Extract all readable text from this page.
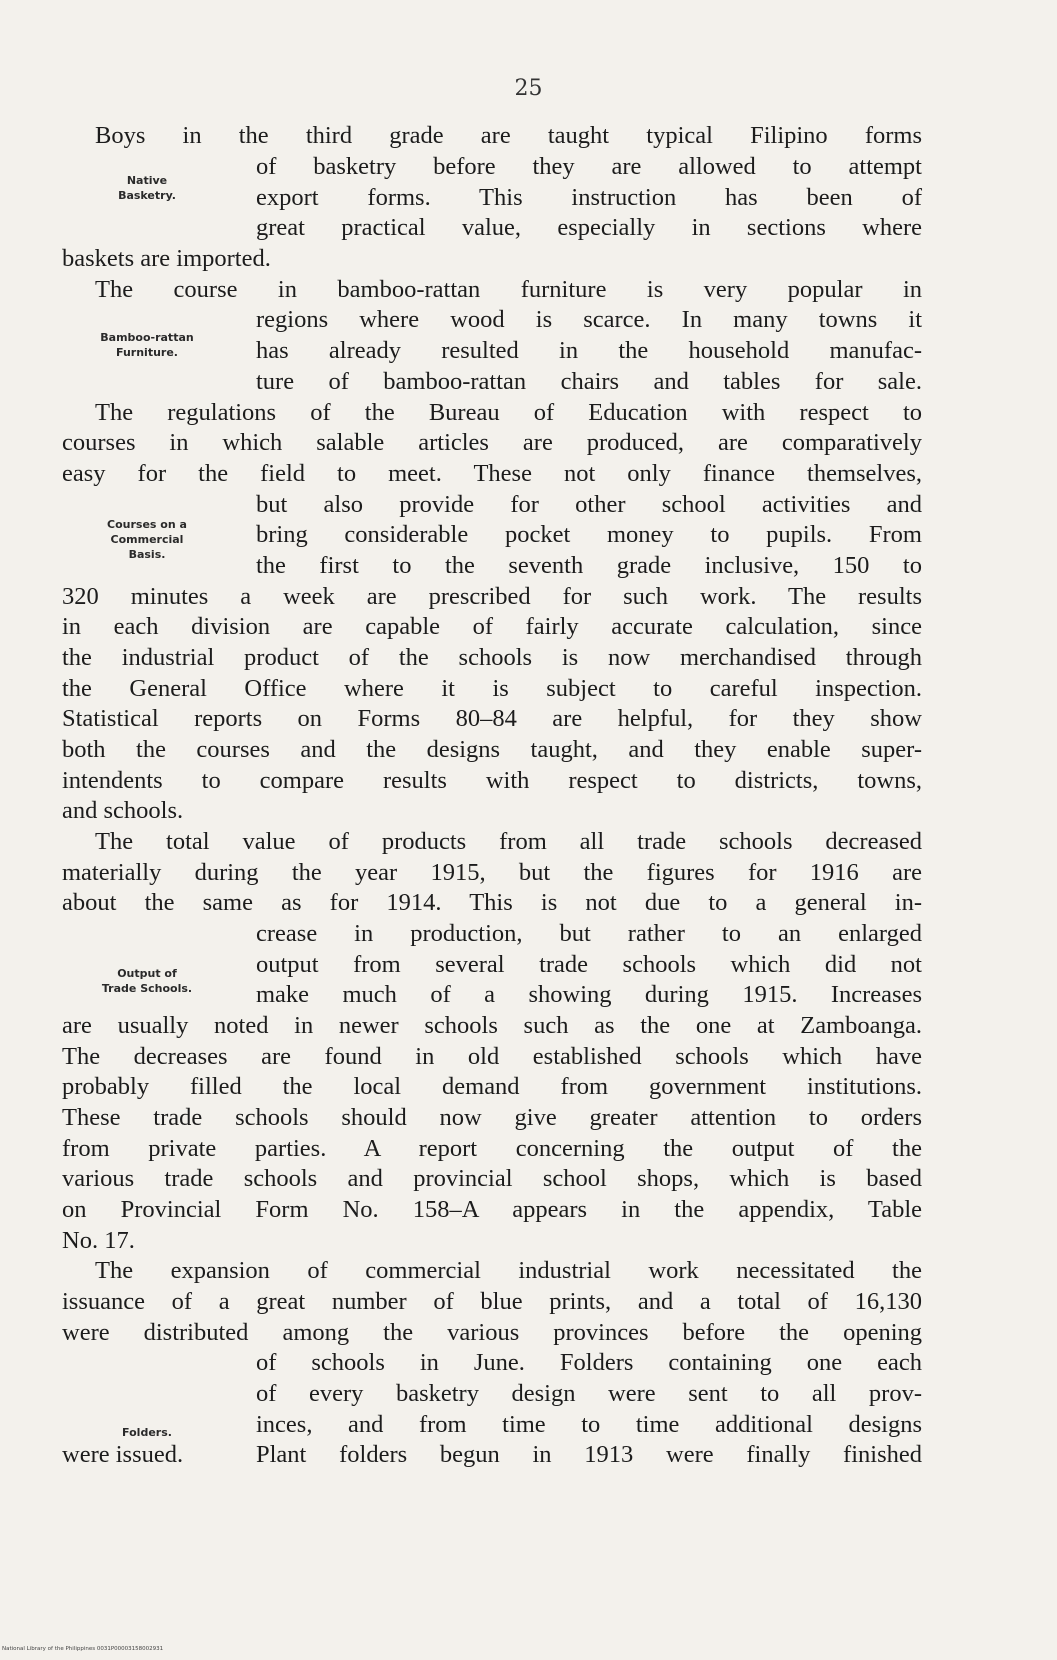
25
Native
Basketry.
Bamboo-rattan
Furniture.
Courses on a
Commercial
Basis.
Output of
Trade Schools.
Folders.
Boys in the third grade are taught typical Filipino forms
of basketry before they are allowed to attempt
export forms. This instruction has been of
great practical value, especially in sections where
baskets are imported.
The course in bamboo-rattan furniture is very popular in
regions where wood is scarce. In many towns it
has already resulted in the household manufac-
ture of bamboo-rattan chairs and tables for sale.
The regulations of the Bureau of Education with respect to
courses in which salable articles are produced, are comparatively
easy for the field to meet. These not only finance themselves,
but also provide for other school activities and
bring considerable pocket money to pupils. From
the first to the seventh grade inclusive, 150 to
320 minutes a week are prescribed for such work. The results
in each division are capable of fairly accurate calculation, since
the industrial product of the schools is now merchandised through
the General Office where it is subject to careful inspection.
Statistical reports on Forms 80–84 are helpful, for they show
both the courses and the designs taught, and they enable super-
intendents to compare results with respect to districts, towns,
and schools.
The total value of products from all trade schools decreased
materially during the year 1915, but the figures for 1916 are
about the same as for 1914. This is not due to a general in-
crease in production, but rather to an enlarged
output from several trade schools which did not
make much of a showing during 1915. Increases
are usually noted in newer schools such as the one at Zamboanga.
The decreases are found in old established schools which have
probably filled the local demand from government institutions.
These trade schools should now give greater attention to orders
from private parties. A report concerning the output of the
various trade schools and provincial school shops, which is based
on Provincial Form No. 158–A appears in the appendix, Table
No. 17.
The expansion of commercial industrial work necessitated the
issuance of a great number of blue prints, and a total of 16,130
were distributed among the various provinces before the opening
of schools in June. Folders containing one each
of every basketry design were sent to all prov-
inces, and from time to time additional designs
were issued.	Plant folders begun in 1913 were finally finished
National Library of the Philippines 0031P00003158002931
